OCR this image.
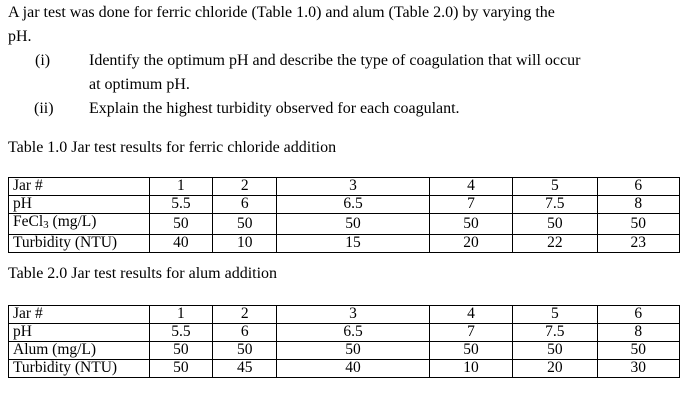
A jar test was done for ferric chloride (Table 1.0) and alum (Table 2.0) by varying the
pH.
(i) Identify the optimum pH and describe the type of coagulation that will occur
at optimum pH.
(ii) Explain the highest turbidity observed for each coagulant.
Table 1.0 Jar test results for ferric chloride addition
Jar #	1	2	3	4	5	6
pH	5.5	6	6.5	7	7.5	8
FeCl$_3$ (mg/L)	50	50	50	50	50	50
Turbidity (NTU)	40	10	15	20	22	23
Table 2.0 Jar test results for alum addition
Jar #	1	2	3	4	5	6
pH	5.5	6	6.5	7	7.5	8
Alum (mg/L)	50	50	50	50	50	50
Turbidity (NTU)	50	45	40	10	20	30
